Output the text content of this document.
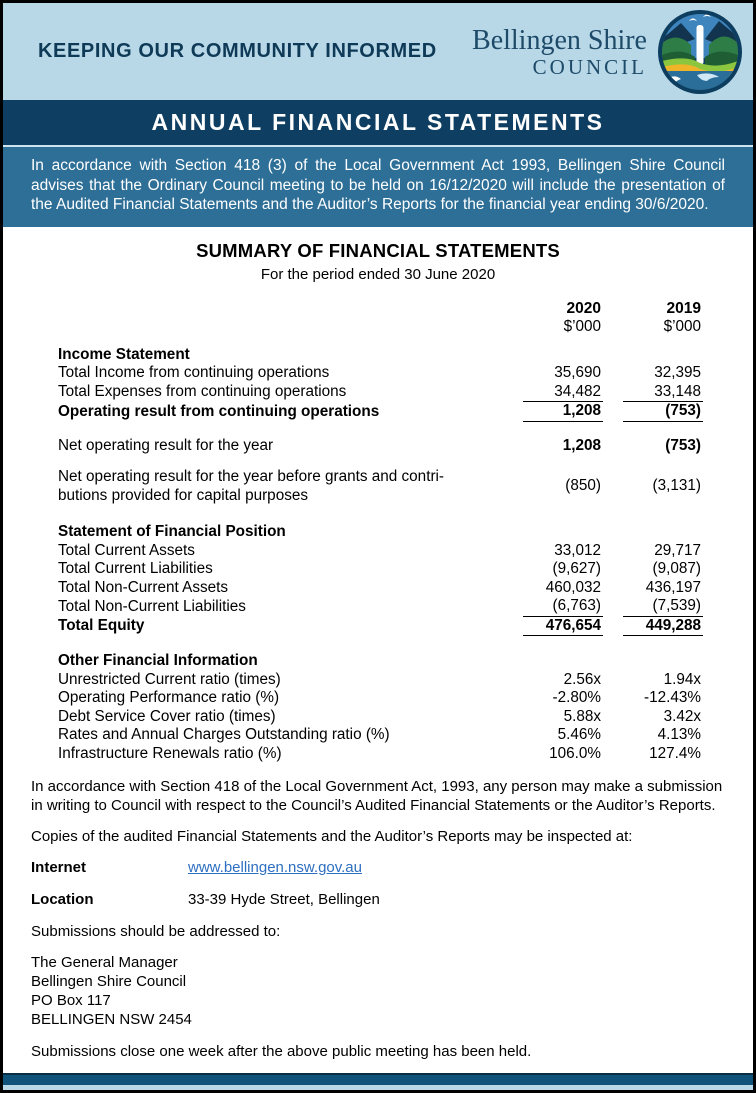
KEEPING OUR COMMUNITY INFORMED Bellingen Shire
COUNCIL
ANNUAL FINANCIAL STATEMENTS
In accordance with Section 418 (3) of the Local Government Act 1993, Bellingen Shire Council advises that the Ordinary Council meeting to be held on 16/12/2020 will include the presentation of the Audited Financial Statements and the Auditor’s Reports for the financial year ending 30/6/2020.
SUMMARY OF FINANCIAL STATEMENTS
For the period ended 30 June 2020
2020	2019
$’000	$’000
Income Statement
Total Income from continuing operations	35,690	32,395
Total Expenses from continuing operations	34,482	33,148
Operating result from continuing operations	1,208	(753)
Net operating result for the year	1,208	(753)
Net operating result for the year before grants and contri-
butions provided for capital purposes
(850)	(3,131)
Statement of Financial Position
Total Current Assets	33,012	29,717
Total Current Liabilities	(9,627)	(9,087)
Total Non-Current Assets	460,032	436,197
Total Non-Current Liabilities	(6,763)	(7,539)
Total Equity	476,654	449,288
Other Financial Information
Unrestricted Current ratio (times)	2.56x	1.94x
Operating Performance ratio (%)	-2.80%	-12.43%
Debt Service Cover ratio (times)	5.88x	3.42x
Rates and Annual Charges Outstanding ratio (%)	5.46%	4.13%
Infrastructure Renewals ratio (%)	106.0%	127.4%

In accordance with Section 418 of the Local Government Act, 1993, any person may make a submission in writing to Council with respect to the Council’s Audited Financial Statements or the Auditor’s Reports.

Copies of the audited Financial Statements and the Auditor’s Reports may be inspected at:

Internet	www.bellingen.nsw.gov.au
Location	33-39 Hyde Street, Bellingen

Submissions should be addressed to:

The General Manager
Bellingen Shire Council
PO Box 117
BELLINGEN NSW 2454

Submissions close one week after the above public meeting has been held.
